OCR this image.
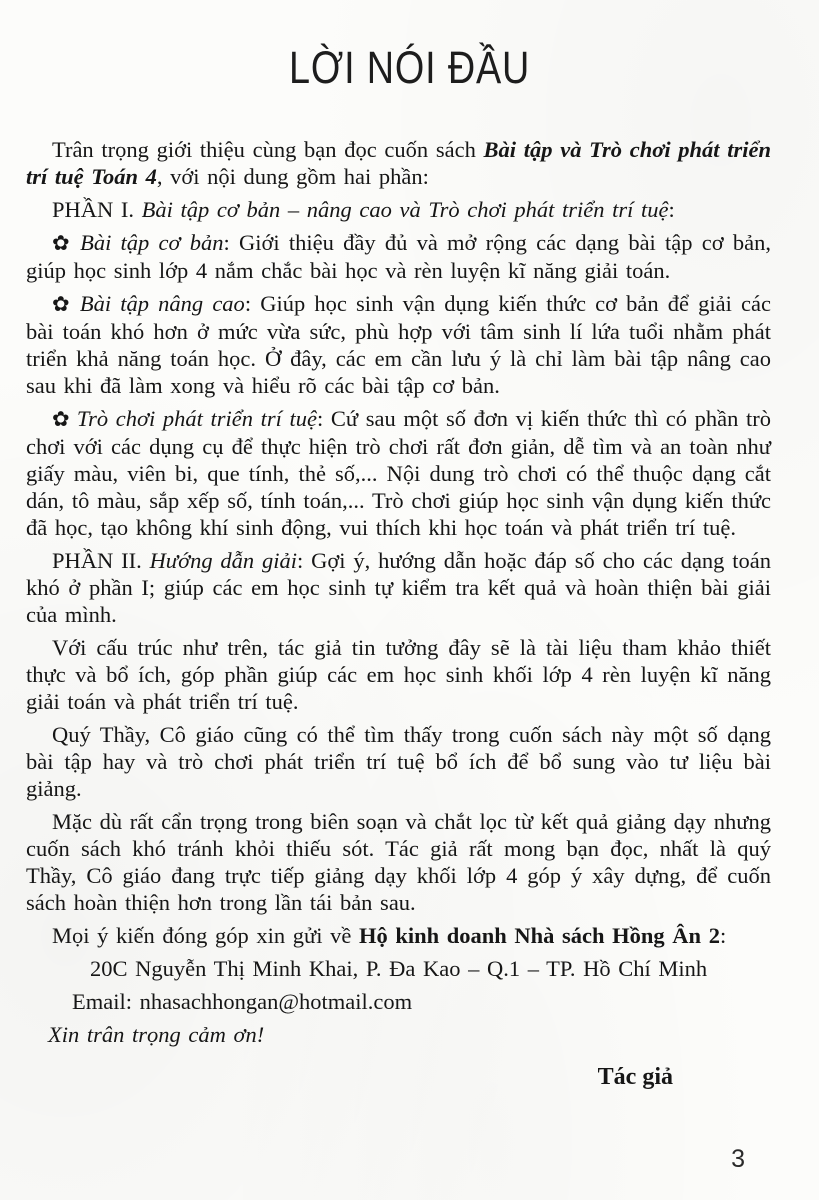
LỜI NÓI ĐẦU

Trân trọng giới thiệu cùng bạn đọc cuốn sách Bài tập và Trò chơi phát triển trí tuệ Toán 4, với nội dung gồm hai phần:

PHẦN I. Bài tập cơ bản – nâng cao và Trò chơi phát triển trí tuệ:

✿ Bài tập cơ bản: Giới thiệu đầy đủ và mở rộng các dạng bài tập cơ bản, giúp học sinh lớp 4 nắm chắc bài học và rèn luyện kĩ năng giải toán.

✿ Bài tập nâng cao: Giúp học sinh vận dụng kiến thức cơ bản để giải các bài toán khó hơn ở mức vừa sức, phù hợp với tâm sinh lí lứa tuổi nhằm phát triển khả năng toán học. Ở đây, các em cần lưu ý là chỉ làm bài tập nâng cao sau khi đã làm xong và hiểu rõ các bài tập cơ bản.

✿ Trò chơi phát triển trí tuệ: Cứ sau một số đơn vị kiến thức thì có phần trò chơi với các dụng cụ để thực hiện trò chơi rất đơn giản, dễ tìm và an toàn như giấy màu, viên bi, que tính, thẻ số,... Nội dung trò chơi có thể thuộc dạng cắt dán, tô màu, sắp xếp số, tính toán,... Trò chơi giúp học sinh vận dụng kiến thức đã học, tạo không khí sinh động, vui thích khi học toán và phát triển trí tuệ.

PHẦN II. Hướng dẫn giải: Gợi ý, hướng dẫn hoặc đáp số cho các dạng toán khó ở phần I; giúp các em học sinh tự kiểm tra kết quả và hoàn thiện bài giải của mình.

Với cấu trúc như trên, tác giả tin tưởng đây sẽ là tài liệu tham khảo thiết thực và bổ ích, góp phần giúp các em học sinh khối lớp 4 rèn luyện kĩ năng giải toán và phát triển trí tuệ.

Quý Thầy, Cô giáo cũng có thể tìm thấy trong cuốn sách này một số dạng bài tập hay và trò chơi phát triển trí tuệ bổ ích để bổ sung vào tư liệu bài giảng.

Mặc dù rất cẩn trọng trong biên soạn và chắt lọc từ kết quả giảng dạy nhưng cuốn sách khó tránh khỏi thiếu sót. Tác giả rất mong bạn đọc, nhất là quý Thầy, Cô giáo đang trực tiếp giảng dạy khối lớp 4 góp ý xây dựng, để cuốn sách hoàn thiện hơn trong lần tái bản sau.

Mọi ý kiến đóng góp xin gửi về Hộ kinh doanh Nhà sách Hồng Ân 2:

20C Nguyễn Thị Minh Khai, P. Đa Kao – Q.1 – TP. Hồ Chí Minh

Email: nhasachhongan@hotmail.com

Xin trân trọng cảm ơn!

Tác giả
3
